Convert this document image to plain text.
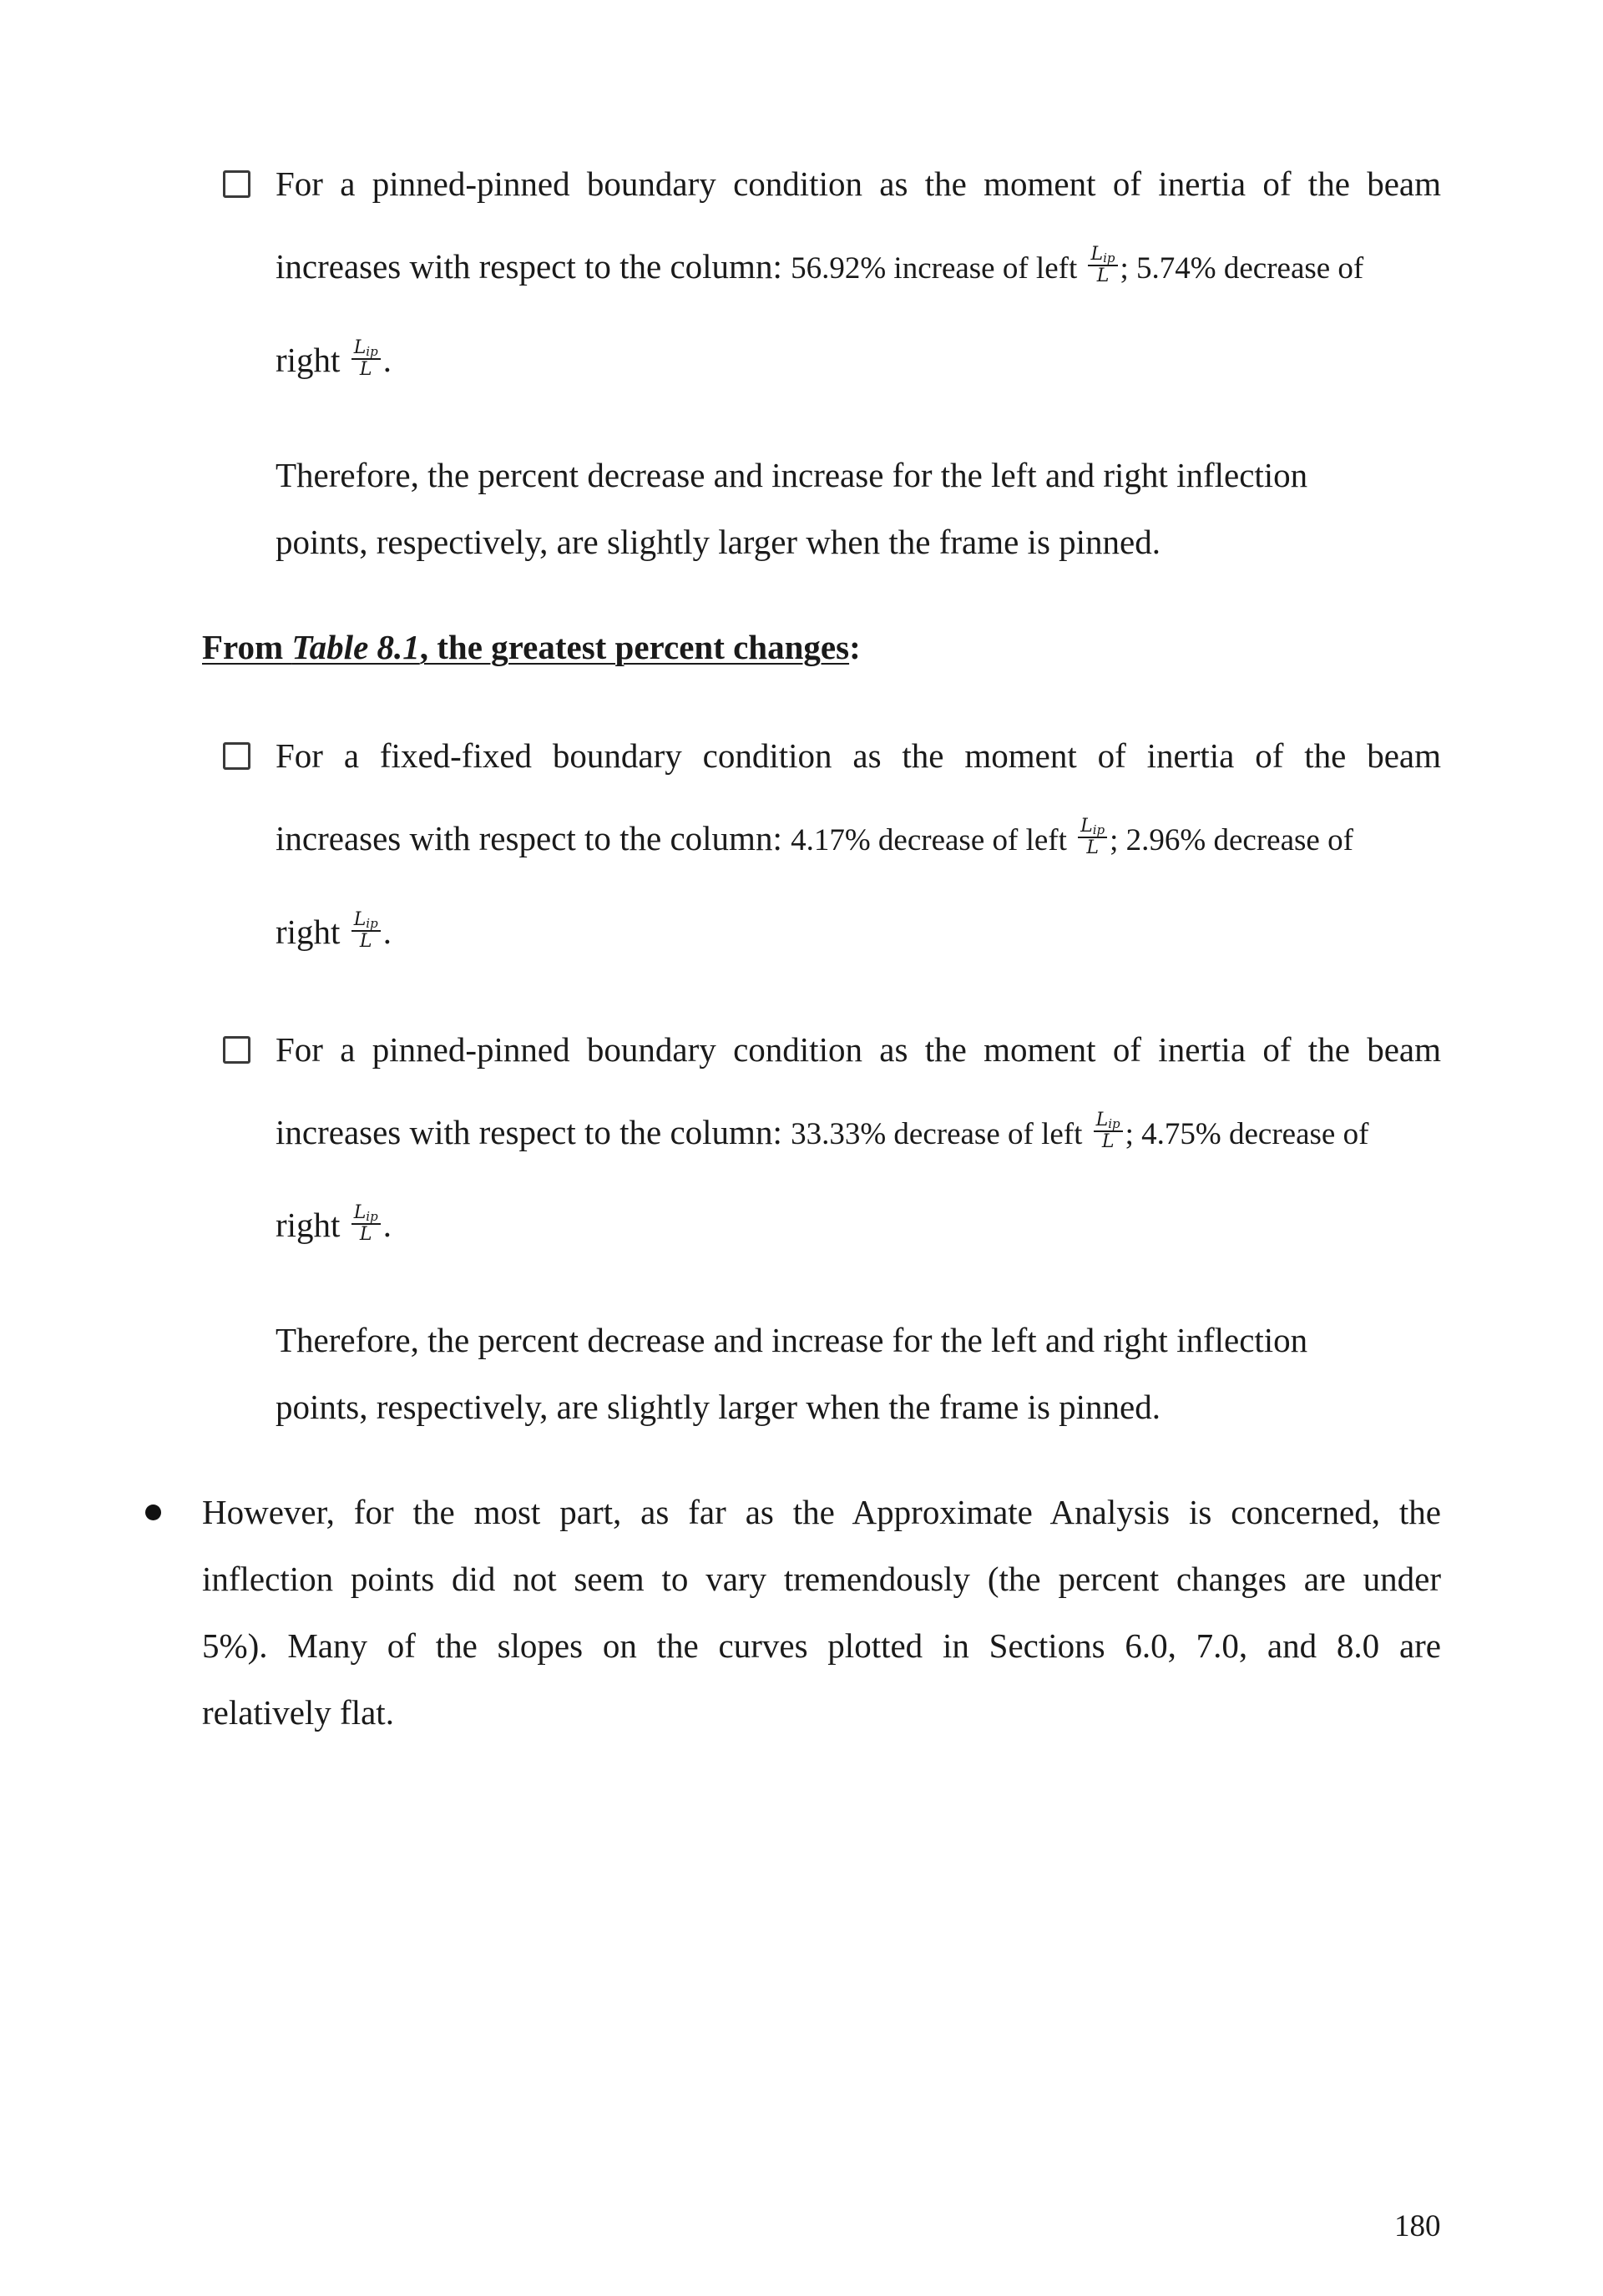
For a pinned-pinned boundary condition as the moment of inertia of the beam
increases with respect to the column: 56.92% increase of left $\frac{L_{ip}}{L}$ ; 5.74% decrease of
right $\frac{L_{ip}}{L}$ .
Therefore, the percent decrease and increase for the left and right inflection
points, respectively, are slightly larger when the frame is pinned.
From Table 8.1, the greatest percent changes:
For a fixed-fixed boundary condition as the moment of inertia of the beam
increases with respect to the column: 4.17% decrease of left $\frac{L_{ip}}{L}$ ; 2.96% decrease of
right $\frac{L_{ip}}{L}$ .
For a pinned-pinned boundary condition as the moment of inertia of the beam
increases with respect to the column: 33.33% decrease of left $\frac{L_{ip}}{L}$ ; 4.75% decrease of
right $\frac{L_{ip}}{L}$ .
Therefore, the percent decrease and increase for the left and right inflection
points, respectively, are slightly larger when the frame is pinned.
However, for the most part, as far as the Approximate Analysis is concerned, the
inflection points did not seem to vary tremendously (the percent changes are under
5%). Many of the slopes on the curves plotted in Sections 6.0, 7.0, and 8.0 are
relatively flat.
180
